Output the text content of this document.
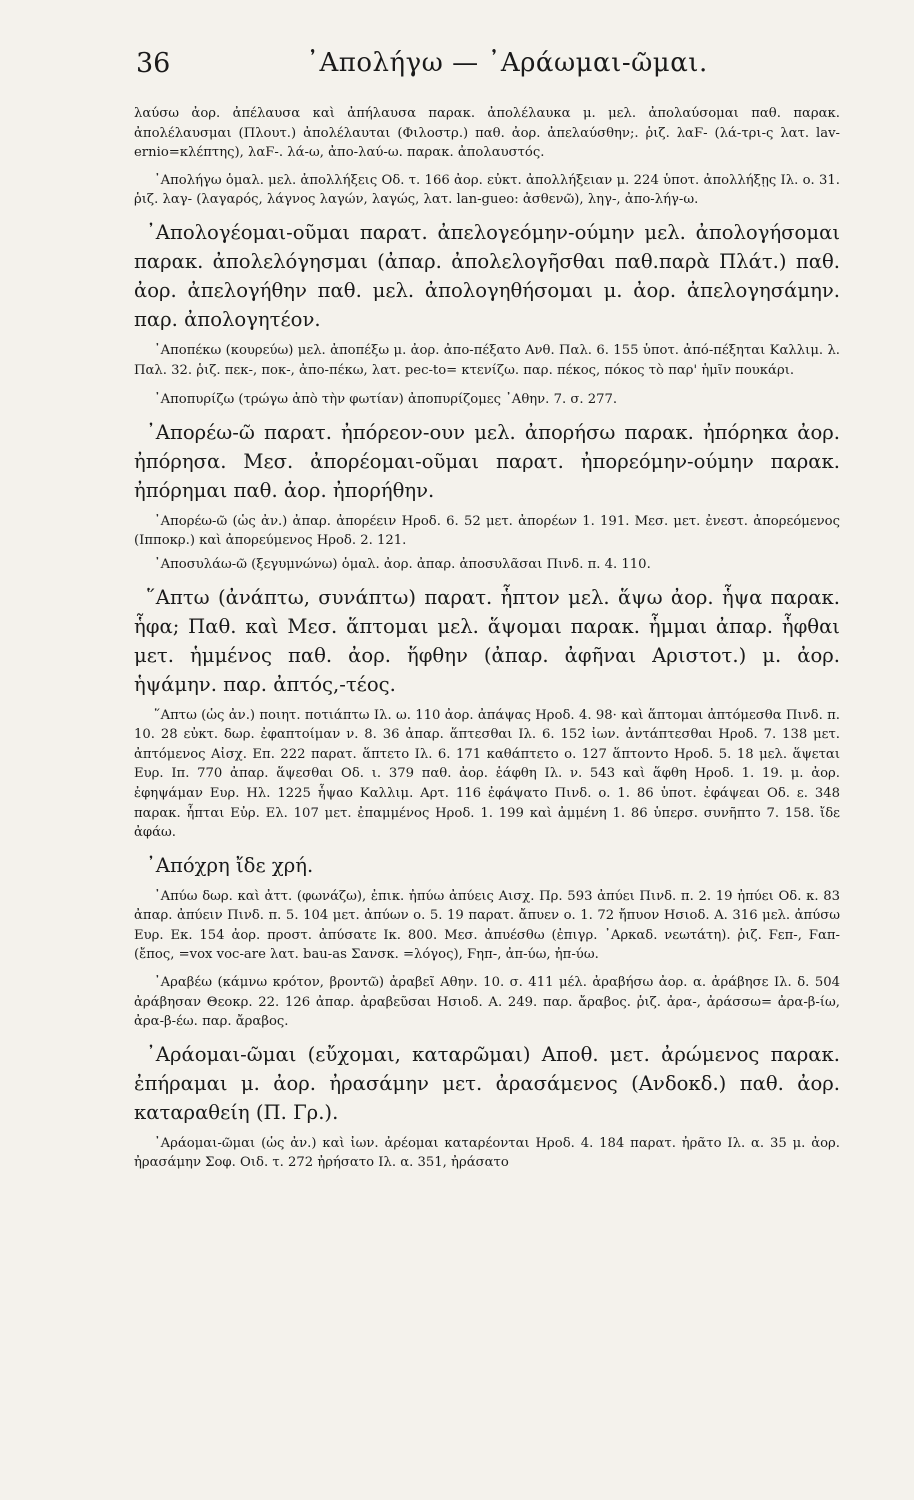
36	᾿Απολήγω — ᾿Αράωμαι-ῶμαι.

λαύσω ἀορ. ἀπέλαυσα καὶ ἀπήλαυσα παρακ. ἀπολέλαυκα μ. μελ. ἀπολαύσομαι παθ. παρακ. ἀπολέλαυσμαι (Πλουτ.) ἀπολέλαυται (Φιλοστρ.) παθ. ἀορ. ἀπελαύσθην;. ῥιζ. λαϜ- (λά-τρι-ς λατ. lav-ernio=κλέπτης), λαϜ-. λά-ω, ἀπο-λαύ-ω. παρακ. ἀπολαυστός.

᾿Απολήγω ὁμαλ. μελ. ἀπολλήξεις Οδ. τ. 166 ἀορ. εὐκτ. ἀπολλήξειαν μ. 224 ὑποτ. ἀπολλήξῃς Ιλ. ο. 31. ῥιζ. λαγ- (λαγαρός, λάγνος λαγών, λαγώς, λατ. lan-gueo: ἀσθενῶ), ληγ-, ἀπο-λήγ-ω.

᾿Απολογέομαι-οῦμαι παρατ. ἀπελογεόμην-ούμην μελ. ἀπολογήσομαι παρακ. ἀπολελόγησμαι (ἀπαρ. ἀπολελογῆσθαι παθ.παρὰ Πλάτ.) παθ. ἀορ. ἀπελογήθην παθ. μελ. ἀπολογηθήσομαι μ. ἀορ. ἀπελογησάμην. παρ. ἀπολογητέον.

᾿Αποπέκω (κουρεύω) μελ. ἀποπέξω μ. ἀορ. ἀπο-πέξατο Ανθ. Παλ. 6. 155 ὑποτ. ἀπό-πέξηται Καλλιμ. λ. Παλ. 32. ῥιζ. πεκ-, ποκ-, ἀπο-πέκω, λατ. pec-to= κτενίζω. παρ. πέκος, πόκος τὸ παρ' ἡμῖν πουκάρι.

᾿Αποπυρίζω (τρώγω ἀπὸ τὴν φωτίαν) ἀποπυρίζομες ᾿Αθην. 7. σ. 277.

᾿Απορέω-ῶ παρατ. ἠπόρεον-ουν μελ. ἀπορήσω παρακ. ἠπόρηκα ἀορ. ἠπόρησα. Μεσ. ἀπορέομαι-οῦμαι παρατ. ἠπορεόμην-ούμην παρακ. ἠπόρημαι παθ. ἀορ. ἠπορήθην.

᾿Απορέω-ῶ (ὡς ἀν.) ἀπαρ. ἀπορέειν Ηροδ. 6. 52 μετ. ἀπορέων 1. 191. Μεσ. μετ. ἐνεστ. ἀπορεόμενος (Ιπποκρ.) καὶ ἀπορεύμενος Ηροδ. 2. 121.

᾿Αποσυλάω-ῶ (ξεγυμνώνω) ὁμαλ. ἀορ. ἀπαρ. ἀποσυλᾶσαι Πινδ. π. 4. 110.

῞Απτω (ἀνάπτω, συνάπτω) παρατ. ἧπτον μελ. ἅψω ἀορ. ἧψα παρακ. ἧφα; Παθ. καὶ Μεσ. ἅπτομαι μελ. ἅψομαι παρακ. ἧμμαι ἀπαρ. ἧφθαι μετ. ἡμμένος παθ. ἀορ. ἥφθην (ἀπαρ. ἀφῆναι Αριστοτ.) μ. ἀορ. ἡψάμην. παρ. ἀπτός,-τέος.

῞Απτω (ὡς ἀν.) ποιητ. ποτιάπτω Ιλ. ω. 110 ἀορ. ἀπάψας Ηροδ. 4. 98· καὶ ἅπτομαι ἀπτόμεσθα Πινδ. π. 10. 28 εὐκτ. δωρ. ἐφαπτοίμαν ν. 8. 36 ἀπαρ. ἅπτεσθαι Ιλ. 6. 152 ἰων. ἀντάπτεσθαι Ηροδ. 7. 138 μετ. ἀπτόμενος Αἰσχ. Επ. 222 παρατ. ἅπτετο Ιλ. 6. 171 καθάπτετο ο. 127 ἅπτοντο Ηροδ. 5. 18 μελ. ἅψεται Ευρ. Ιπ. 770 ἀπαρ. ἅψεσθαι Οδ. ι. 379 παθ. ἀορ. ἑάφθη Ιλ. ν. 543 καὶ ἅφθη Ηροδ. 1. 19. μ. ἀορ. ἐφηψάμαν Ευρ. Ηλ. 1225 ἧψαο Καλλιμ. Αρτ. 116 ἐφάψατο Πινδ. ο. 1. 86 ὑποτ. ἐφάψεαι Οδ. ε. 348 παρακ. ἧπται Εὐρ. Ελ. 107 μετ. ἐπαμμένος Ηροδ. 1. 199 καὶ ἀμμένη 1. 86 ὑπερσ. συνῆπτο 7. 158. ἴδε ἀφάω.

᾿Απόχρη ἴδε χρή.

᾿Απύω δωρ. καὶ ἀττ. (φωνάζω), ἐπικ. ἠπύω ἀπύεις Αισχ. Πρ. 593 ἀπύει Πινδ. π. 2. 19 ἠπύει Οδ. κ. 83 ἀπαρ. ἀπύειν Πινδ. π. 5. 104 μετ. ἀπύων ο. 5. 19 παρατ. ἄπυεν ο. 1. 72 ἤπυον Ησιοδ. Α. 316 μελ. ἀπύσω Ευρ. Εκ. 154 ἀορ. προστ. ἀπύσατε Ικ. 800. Μεσ. ἀπυέσθω (ἐπιγρ. ᾿Αρκαδ. νεωτάτη). ῥιζ. Ϝεπ-, Ϝαπ- (ἔπος, =vox voc-are λατ. bau-as Σανσκ. =λόγος), Ϝηπ-, ἀπ-ύω, ἠπ-ύω.

᾿Αραβέω (κάμνω κρότον, βροντῶ) ἀραβεῖ Αθην. 10. σ. 411 μέλ. ἀραβήσω ἀορ. α. ἀράβησε Ιλ. δ. 504 ἀράβησαν Θεοκρ. 22. 126 ἀπαρ. ἀραβεῦσαι Ησιοδ. Α. 249. παρ. ἄραβος. ῥιζ. ἀρα-, ἀράσσω= ἀρα-β-ίω, ἀρα-β-έω. παρ. ἄραβος.

᾿Αράομαι-ῶμαι (εὔχομαι, καταρῶμαι) Αποθ. μετ. ἀρώμενος παρακ. ἐπήραμαι μ. ἀορ. ἠρασάμην μετ. ἀρασάμενος (Ανδοκδ.) παθ. ἀορ. καταραθείη (Π. Γρ.).

᾿Αράομαι-ῶμαι (ὡς ἀν.) καὶ ἰων. ἀρέομαι καταρέονται Ηροδ. 4. 184 παρατ. ἠρᾶτο Ιλ. α. 35 μ. ἀορ. ἠρασάμην Σοφ. Οιδ. τ. 272 ἠρήσατο Ιλ. α. 351, ἠράσατο
